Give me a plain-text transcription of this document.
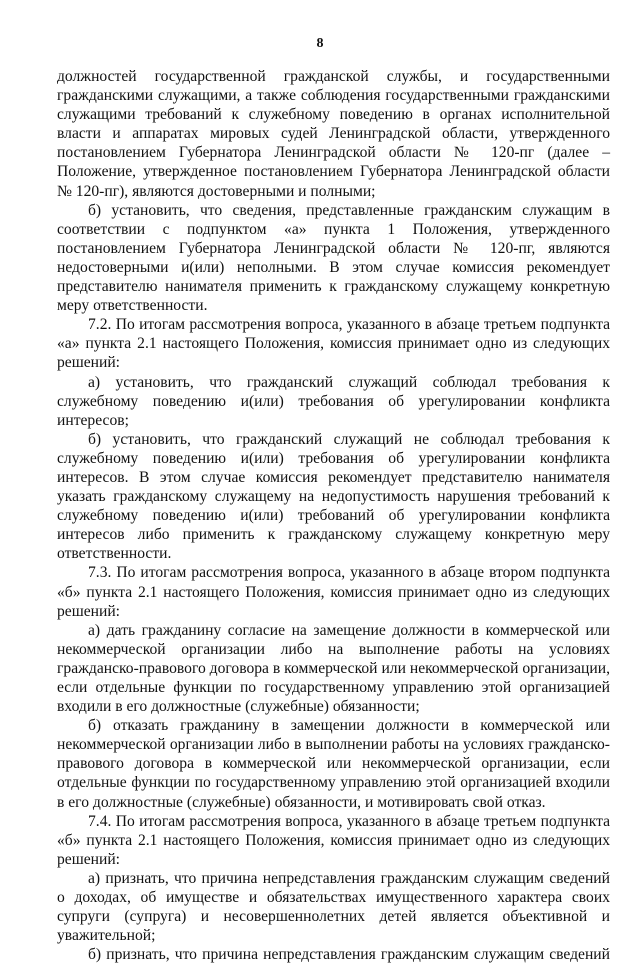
8

должностей государственной гражданской службы, и государственными гражданскими служащими, а также соблюдения государственными гражданскими служащими требований к служебному поведению в органах исполнительной власти и аппаратах мировых судей Ленинградской области, утвержденного постановлением Губернатора Ленинградской области № 120-пг (далее – Положение, утвержденное постановлением Губернатора Ленинградской области № 120-пг), являются достоверными и полными;

б) установить, что сведения, представленные гражданским служащим в соответствии с подпунктом «а» пункта 1 Положения, утвержденного постановлением Губернатора Ленинградской области № 120-пг, являются недостоверными и(или) неполными. В этом случае комиссия рекомендует представителю нанимателя применить к гражданскому служащему конкретную меру ответственности.

7.2. По итогам рассмотрения вопроса, указанного в абзаце третьем подпункта «а» пункта 2.1 настоящего Положения, комиссия принимает одно из следующих решений:

а) установить, что гражданский служащий соблюдал требования к служебному поведению и(или) требования об урегулировании конфликта интересов;

б) установить, что гражданский служащий не соблюдал требования к служебному поведению и(или) требования об урегулировании конфликта интересов. В этом случае комиссия рекомендует представителю нанимателя указать гражданскому служащему на недопустимость нарушения требований к служебному поведению и(или) требований об урегулировании конфликта интересов либо применить к гражданскому служащему конкретную меру ответственности.

7.3. По итогам рассмотрения вопроса, указанного в абзаце втором подпункта «б» пункта 2.1 настоящего Положения, комиссия принимает одно из следующих решений:

а) дать гражданину согласие на замещение должности в коммерческой или некоммерческой организации либо на выполнение работы на условиях гражданско-правового договора в коммерческой или некоммерческой организации, если отдельные функции по государственному управлению этой организацией входили в его должностные (служебные) обязанности;

б) отказать гражданину в замещении должности в коммерческой или некоммерческой организации либо в выполнении работы на условиях гражданско-правового договора в коммерческой или некоммерческой организации, если отдельные функции по государственному управлению этой организацией входили в его должностные (служебные) обязанности, и мотивировать свой отказ.

7.4. По итогам рассмотрения вопроса, указанного в абзаце третьем подпункта «б» пункта 2.1 настоящего Положения, комиссия принимает одно из следующих решений:

а) признать, что причина непредставления гражданским служащим сведений о доходах, об имуществе и обязательствах имущественного характера своих супруги (супруга) и несовершеннолетних детей является объективной и уважительной;

б) признать, что причина непредставления гражданским служащим сведений
